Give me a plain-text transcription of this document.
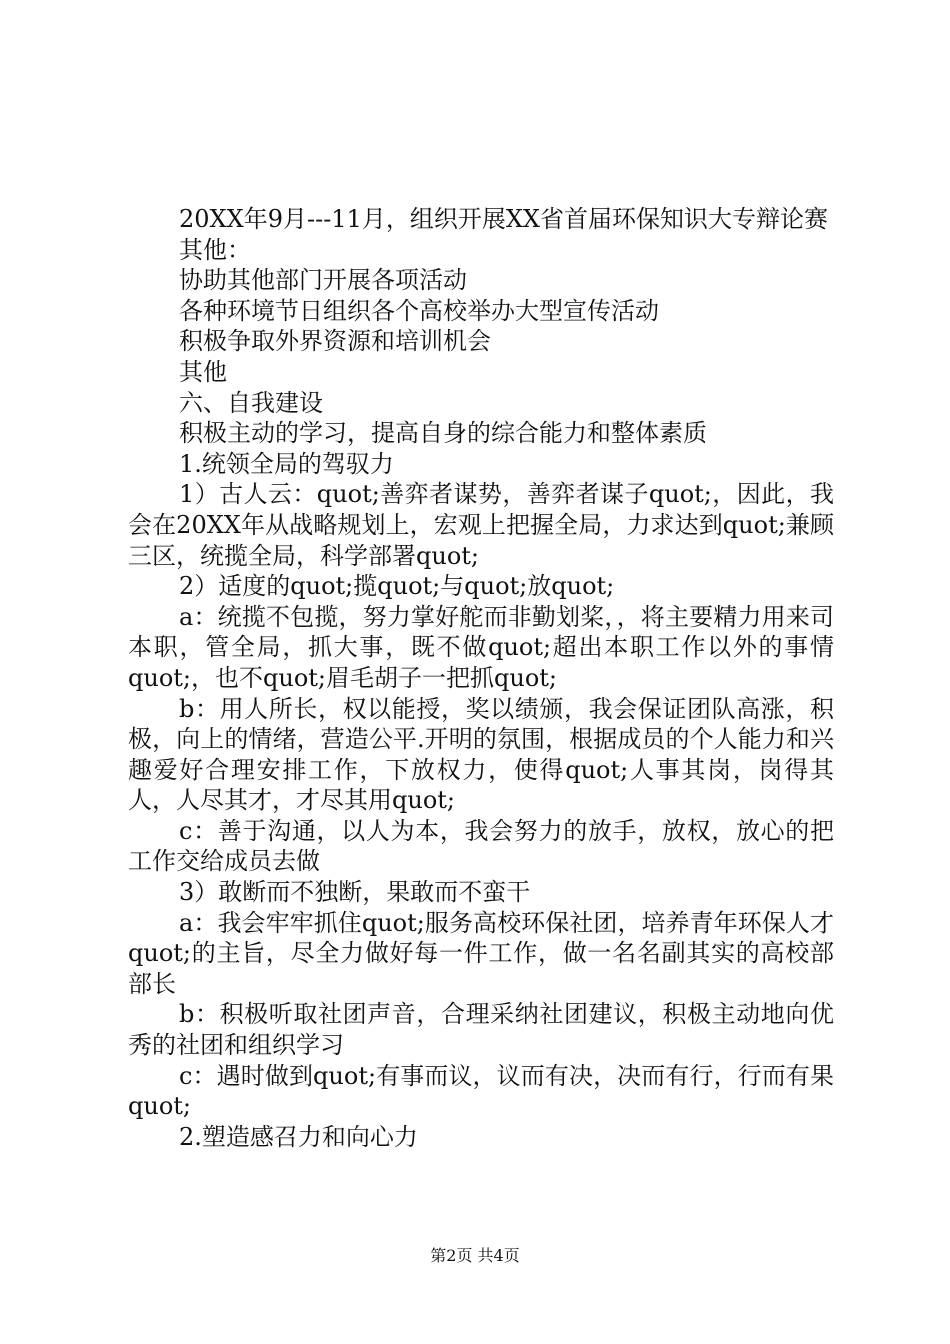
20XX年9月---11月，组织开展XX省首届环保知识大专辩论赛

其他：

协助其他部门开展各项活动

各种环境节日组织各个高校举办大型宣传活动

积极争取外界资源和培训机会

其他

六、自我建设

积极主动的学习，提高自身的综合能力和整体素质

1.统领全局的驾驭力

1）古人云：quot;善弈者谋势，善弈者谋子quot;，因此，我会在20XX年从战略规划上，宏观上把握全局，力求达到quot;兼顾三区，统揽全局，科学部署quot;

2）适度的quot;揽quot;与quot;放quot;

a：统揽不包揽，努力掌好舵而非勤划桨，，将主要精力用来司本职，管全局，抓大事，既不做quot;超出本职工作以外的事情quot;，也不quot;眉毛胡子一把抓quot;

b：用人所长，权以能授，奖以绩颁，我会保证团队高涨，积极，向上的情绪，营造公平.开明的氛围，根据成员的个人能力和兴趣爱好合理安排工作，下放权力，使得quot;人事其岗，岗得其人，人尽其才，才尽其用quot;

c：善于沟通，以人为本，我会努力的放手，放权，放心的把工作交给成员去做

3）敢断而不独断，果敢而不蛮干

a：我会牢牢抓住quot;服务高校环保社团，培养青年环保人才quot;的主旨，尽全力做好每一件工作，做一名名副其实的高校部部长

b：积极听取社团声音，合理采纳社团建议，积极主动地向优秀的社团和组织学习

c：遇时做到quot;有事而议，议而有决，决而有行，行而有果quot;

2.塑造感召力和向心力

第2页 共4页
